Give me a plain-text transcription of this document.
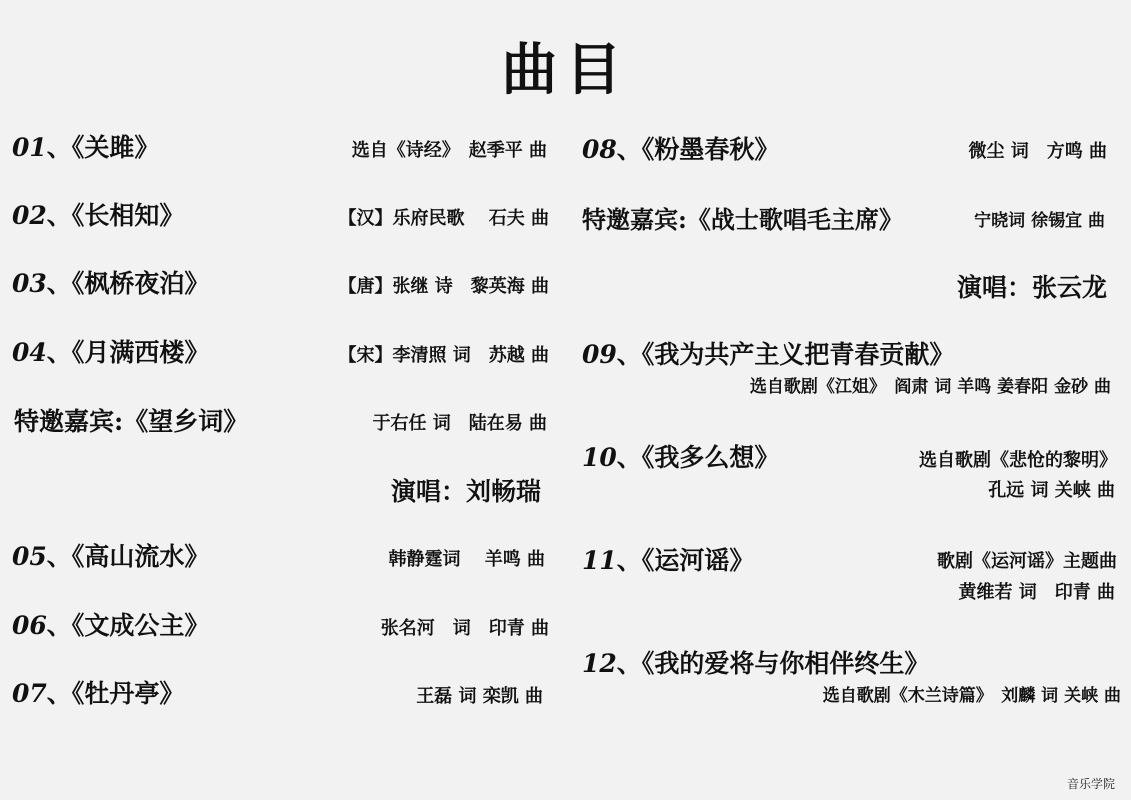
曲目
01、《关雎》	选自《诗经》　赵季平 曲
02、《长相知》	【汉】乐府民歌　 石夫 曲
03、《枫桥夜泊》	【唐】张继 诗　黎英海 曲
04、《月满西楼》	【宋】李清照 词　苏越 曲
特邀嘉宾:《望乡词》	于右任 词　陆在易 曲
演唱：刘畅瑞
05、《高山流水》	韩静霆词　 羊鸣 曲
06、《文成公主》	张名河　词　印青 曲
07、《牡丹亭》	王磊 词 栾凯 曲
08、《粉墨春秋》	微尘 词　方鸣 曲
特邀嘉宾:《战士歌唱毛主席》	宁晓词 徐锡宜 曲
演唱：张云龙
09、《我为共产主义把青春贡献》
选自歌剧《江姐》　阎肃 词 羊鸣 姜春阳 金砂 曲
10、《我多么想》	选自歌剧《悲怆的黎明》
孔远 词 关峡 曲
11、《运河谣》	歌剧《运河谣》主题曲
黄维若 词　印青 曲
12、《我的爱将与你相伴终生》
选自歌剧《木兰诗篇》　刘麟 词 关峡 曲
音乐学院
